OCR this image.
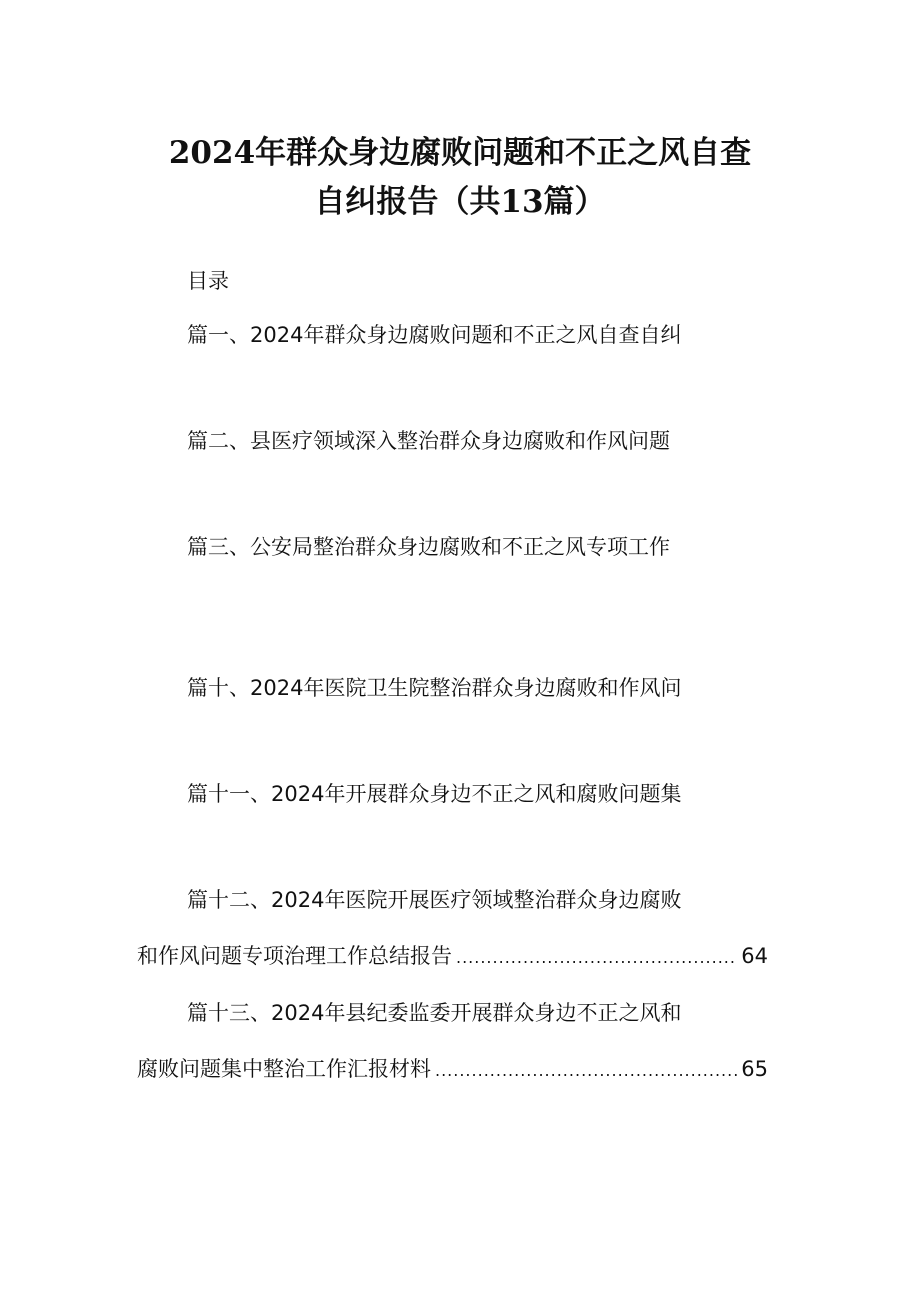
2024年群众身边腐败问题和不正之风自查
自纠报告（共13篇）
目录
篇一、2024年群众身边腐败问题和不正之风自查自纠
篇二、县医疗领域深入整治群众身边腐败和作风问题
篇三、公安局整治群众身边腐败和不正之风专项工作
篇十、2024年医院卫生院整治群众身边腐败和作风问
篇十一、2024年开展群众身边不正之风和腐败问题集
篇十二、2024年医院开展医疗领域整治群众身边腐败
和作风问题专项治理工作总结报告 .....	64
篇十三、2024年县纪委监委开展群众身边不正之风和
腐败问题集中整治工作汇报材料 .....	65
